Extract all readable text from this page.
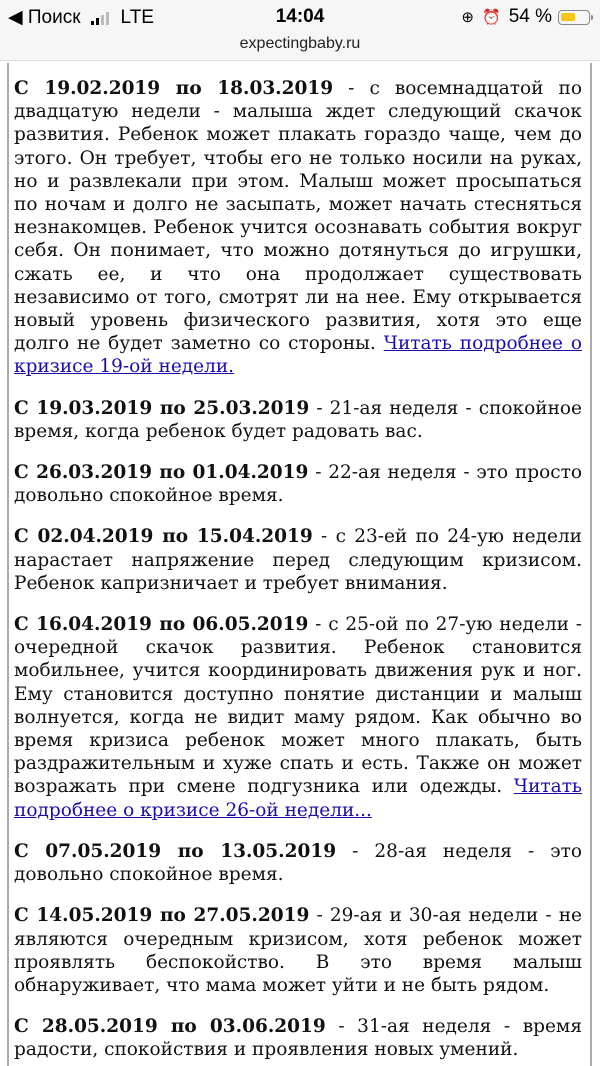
◀ Поиск LTE	14:04	⊕ ⏰ 54 %
expectingbaby.ru

С 19.02.2019 по 18.03.2019 - с восемнадцатой по двадцатую недели - малыша ждет следующий скачок развития. Ребенок может плакать гораздо чаще, чем до этого. Он требует, чтобы его не только носили на руках, но и развлекали при этом. Малыш может просыпаться по ночам и долго не засыпать, может начать стесняться незнакомцев. Ребенок учится осознавать события вокруг себя. Он понимает, что можно дотянуться до игрушки, сжать ее, и что она продолжает существовать независимо от того, смотрят ли на нее. Ему открывается новый уровень физического развития, хотя это еще долго не будет заметно со стороны. Читать подробнее о кризисе 19-ой недели.

С 19.03.2019 по 25.03.2019 - 21-ая неделя - спокойное время, когда ребенок будет радовать вас.

С 26.03.2019 по 01.04.2019 - 22-ая неделя - это просто довольно спокойное время.

С 02.04.2019 по 15.04.2019 - с 23-ей по 24-ую недели нарастает напряжение перед следующим кризисом. Ребенок капризничает и требует внимания.

С 16.04.2019 по 06.05.2019 - с 25-ой по 27-ую недели - очередной скачок развития. Ребенок становится мобильнее, учится координировать движения рук и ног. Ему становится доступно понятие дистанции и малыш волнуется, когда не видит маму рядом. Как обычно во время кризиса ребенок может много плакать, быть раздражительным и хуже спать и есть. Также он может возражать при смене подгузника или одежды. Читать подробнее о кризисе 26-ой недели...

С 07.05.2019 по 13.05.2019 - 28-ая неделя - это довольно спокойное время.

С 14.05.2019 по 27.05.2019 - 29-ая и 30-ая недели - не являются очередным кризисом, хотя ребенок может проявлять беспокойство. В это время малыш обнаруживает, что мама может уйти и не быть рядом.

С 28.05.2019 по 03.06.2019 - 31-ая неделя - время радости, спокойствия и проявления новых умений.
